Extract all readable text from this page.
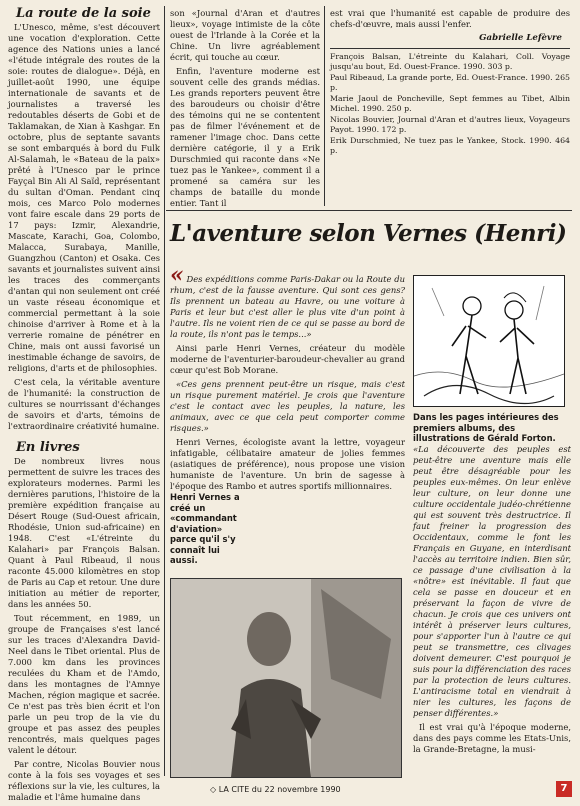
La route de la soie

L'Unesco, même, s'est découvert une vocation d'exploration. Cette agence des Nations unies a lancé «l'étude intégrale des routes de la soie: routes de dialogue». Déjà, en juillet-août 1990, une équipe internationale de savants et de journalistes a traversé les redoutables déserts de Gobi et de Taklamakan, de Xian à Kashgar. En octobre, plus de septante savants se sont embarqués à bord du Fulk Al-Salamah, le «Bateau de la paix» prêté à l'Unesco par le prince Fayçal Bin Ali Al Saïd, représentant du sultan d'Oman. Pendant cinq mois, ces Marco Polo modernes vont faire escale dans 29 ports de 17 pays: Izmir, Alexandrie, Mascate, Karachi, Goa, Colombo, Malacca, Surabaya, Manille, Guangzhou (Canton) et Osaka. Ces savants et journalistes suivent ainsi les traces des commerçants d'antan qui non seulement ont créé un vaste réseau économique et commercial permettant à la soie chinoise d'arriver à Rome et à la verrerie romaine de pénétrer en Chine, mais ont aussi favorisé un inestimable échange de savoirs, de religions, d'arts et de philosophies.

C'est cela, la véritable aventure de l'humanité: la construction de cultures se nourrissant d'échanges de savoirs et d'arts, témoins de l'extraordinaire créativité humaine.

En livres

De nombreux livres nous permettent de suivre les traces des explorateurs modernes. Parmi les dernières parutions, l'histoire de la première expédition française au Désert Rouge (Sud-Ouest africain, Rhodésie, Union sud-africaine) en 1948. C'est «L'étreinte du Kalahari» par François Balsan. Quant à Paul Ribeaud, il nous raconte 45.000 kilomètres en stop de Paris au Cap et retour. Une dure initiation au métier de reporter, dans les années 50.

Tout récemment, en 1989, un groupe de Françaises s'est lancé sur les traces d'Alexandra David-Neel dans le Tibet oriental. Plus de 7.000 km dans les provinces reculées du Kham et de l'Amdo, dans les montagnes de l'Amnye Machen, région magique et sacrée. Ce n'est pas très bien écrit et l'on parle un peu trop de la vie du groupe et pas assez des peuples rencontrés, mais quelques pages valent le détour.

Par contre, Nicolas Bouvier nous conte à la fois ses voyages et ses réflexions sur la vie, les cultures, la maladie et l'âme humaine dans

son «Journal d'Aran et d'autres lieux», voyage intimiste de la côte ouest de l'Irlande à la Corée et la Chine. Un livre agréablement écrit, qui touche au cœur.

Enfin, l'aventure moderne est souvent celle des grands médias. Les grands reporters peuvent être des baroudeurs ou choisir d'être des témoins qui ne se contentent pas de filmer l'événement et de ramener l'image choc. Dans cette dernière catégorie, il y a Erik Durschmied qui raconte dans «Ne tuez pas le Yankee», comment il a promené sa caméra sur les champs de bataille du monde entier. Tant il

est vrai que l'humanité est capable de produire des chefs-d'œuvre, mais aussi l'enfer.

Gabrielle Lefèvre
François Balsan, L'étreinte du Kalahari, Coll. Voyage jusqu'au bout, Ed. Ouest-France. 1990. 303 p.
Paul Ribeaud, La grande porte, Ed. Ouest-France. 1990. 265 p.
Marie Jaoul de Poncheville, Sept femmes au Tibet, Albin Michel. 1990. 250 p.
Nicolas Bouvier, Journal d'Aran et d'autres lieux, Voyageurs Payot. 1990. 172 p.
Erik Durschmied, Ne tuez pas le Yankee, Stock. 1990. 464 p.
L'aventure selon Vernes (Henri)

« Des expéditions comme Paris-Dakar ou la Route du rhum, c'est de la fausse aventure. Qui sont ces gens? Ils prennent un bateau au Havre, ou une voiture à Paris et leur but c'est aller le plus vite d'un point à l'autre. Ils ne voient rien de ce qui se passe au bord de la route, ils n'ont pas le temps...»

Ainsi parle Henri Vernes, créateur du modèle moderne de l'aventurier-baroudeur-chevalier au grand cœur qu'est Bob Morane.

«Ces gens prennent peut-être un risque, mais c'est un risque purement matériel. Je crois que l'aventure c'est le contact avec les peuples, la nature, les animaux, avec ce que cela peut comporter comme risques.»

Henri Vernes, écologiste avant la lettre, voyageur infatigable, célibataire amateur de jolies femmes (asiatiques de préférence), nous propose une vision humaniste de l'aventure. Un brin de sagesse à l'époque des Rambo et autres sportifs millionnaires.

Dans les pages intérieures des premiers albums, des illustrations de Gérald Forton.
Henri Vernes a créé un «commandant d'aviation» parce qu'il s'y connaît lui aussi.

«La découverte des peuples est peut-être une aventure mais elle peut être désagréable pour les peuples eux-mêmes. On leur enlève leur culture, on leur donne une culture occidentale judéo-chrétienne qui est souvent très destructrice. Il faut freiner la progression des Occidentaux, comme le font les Français en Guyane, en interdisant l'accès au territoire indien. Bien sûr, ce passage d'une civilisation à la «nôtre» est inévitable. Il faut que cela se passe en douceur et en préservant la façon de vivre de chacun. Je crois que ces univers ont intérêt à préserver leurs cultures, pour s'apporter l'un à l'autre ce qui peut se transmettre, ces clivages doivent demeurer. C'est pourquoi je suis pour la différenciation des races par la protection de leurs cultures. L'antiracisme total en viendrait à nier les cultures, les façons de penser différentes.»

Il est vrai qu'à l'époque moderne, dans des pays comme les Etats-Unis, la Grande-Bretagne, la musi-

◇ LA CITE du 22 novembre 1990	7
